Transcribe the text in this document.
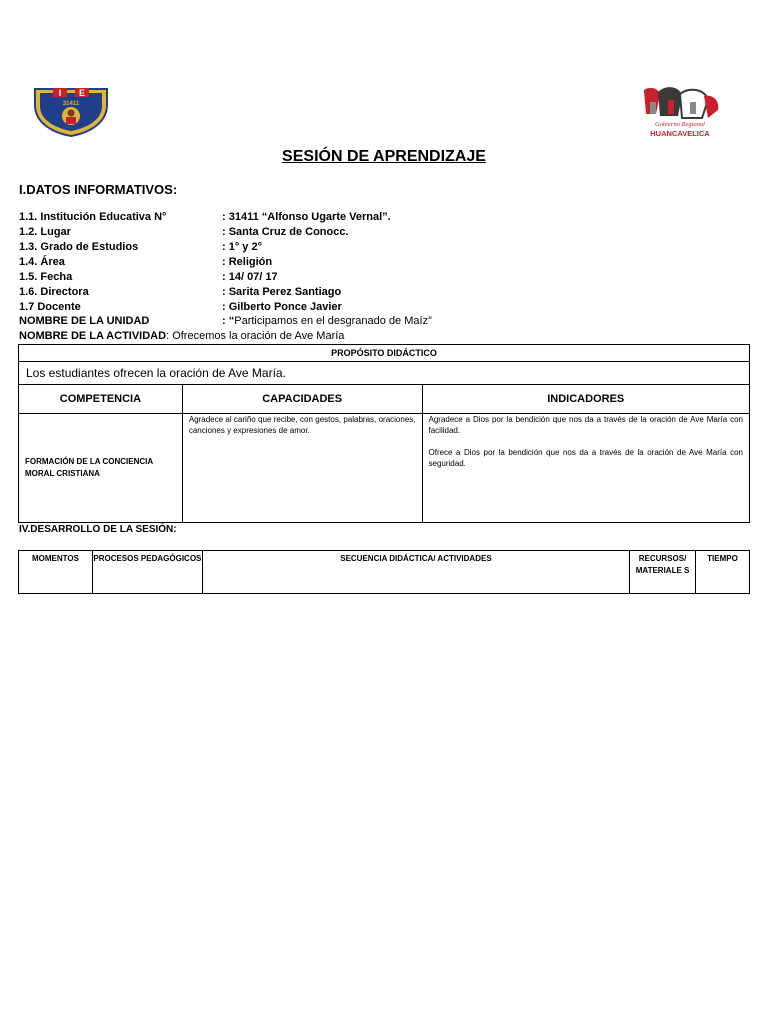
I E
31411
Gobierno Regional
HUANCAVELICA
SESIÓN DE APRENDIZAJE
I.DATOS INFORMATIVOS:
1.1. Institución Educativa N°	: 31411 “Alfonso Ugarte Vernal”.
1.2. Lugar	: Santa Cruz de Conocc.
1.3. Grado de Estudios	: 1° y 2°
1.4. Área	: Religión
1.5. Fecha	: 14/ 07/ 17
1.6. Directora	: Sarita Perez Santiago
1.7 Docente	: Gilberto Ponce Javier
NOMBRE DE LA UNIDAD	: “Participamos en el desgranado de Maíz”
NOMBRE DE LA ACTIVIDAD: Ofrecemos la oración de Ave María
PROPÓSITO DIDÁCTICO		
Los estudiantes ofrecen la oración de Ave María.		
COMPETENCIA	CAPACIDADES	INDICADORES
FORMACIÓN DE LA CONCIENCIA MORAL CRISTIANA	Agradece al cariño que recibe, con gestos, palabras, oraciones, canciones y expresiones de amor.	Agradece a Dios por la bendición que nos da a través de la oración de Ave María con facilidad.

Ofrece a Dios por la bendición que nos da a través de la oración de Ave María con seguridad.

IV.DESARROLLO DE LA SESIÓN:
MOMENTOS	PROCESOS PEDAGÓGICOS	SECUENCIA DIDÁCTICA/ ACTIVIDADES	RECURSOS/ MATERIALE S	TIEMPO
